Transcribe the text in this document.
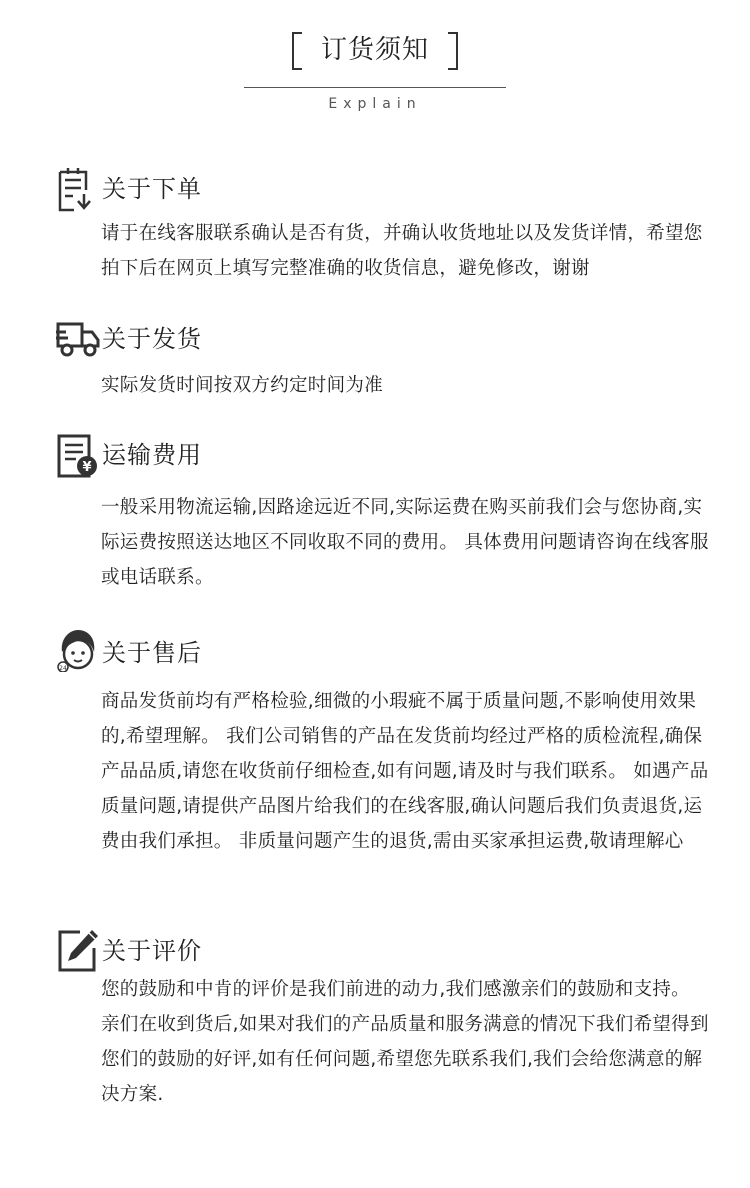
订货须知
Explain
关于下单
请于在线客服联系确认是否有货，并确认收货地址以及发货详情，希望您拍下后在网页上填写完整准确的收货信息，避免修改，谢谢
关于发货
实际发货时间按双方约定时间为准
¥ 运输费用
一般采用物流运输,因路途远近不同,实际运费在购买前我们会与您协商,实际运费按照送达地区不同收取不同的费用。 具体费用问题请咨询在线客服或电话联系。
24
关于售后
商品发货前均有严格检验,细微的小瑕疵不属于质量问题,不影响使用效果的,希望理解。 我们公司销售的产品在发货前均经过严格的质检流程,确保产品品质,请您在收货前仔细检查,如有问题,请及时与我们联系。 如遇产品质量问题,请提供产品图片给我们的在线客服,确认问题后我们负责退货,运费由我们承担。 非质量问题产生的退货,需由买家承担运费,敬请理解心
关于评价
您的鼓励和中肯的评价是我们前进的动力,我们感激亲们的鼓励和支持。 亲们在收到货后,如果对我们的产品质量和服务满意的情况下我们希望得到您们的鼓励的好评,如有任何问题,希望您先联系我们,我们会给您满意的解决方案.
